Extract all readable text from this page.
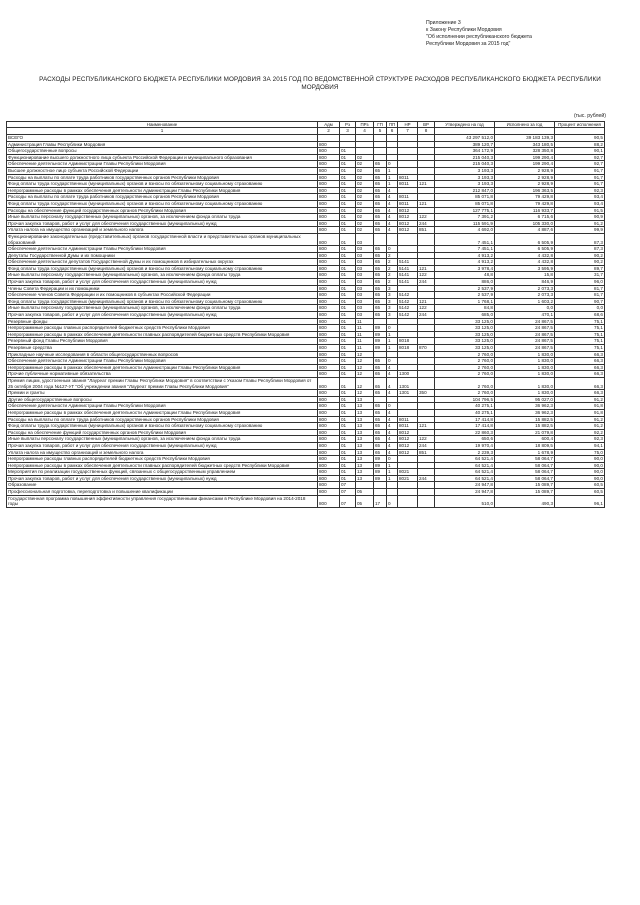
Приложение 3
к Закону Республики Мордовия
"Об исполнении республиканского бюджета
Республики Мордовия за 2015 год"
РАСХОДЫ РЕСПУБЛИКАНСКОГО БЮДЖЕТА РЕСПУБЛИКИ МОРДОВИЯ ЗА 2015 ГОД ПО ВЕДОМСТВЕННОЙ СТРУКТУРЕ РАСХОДОВ РЕСПУБЛИКАНСКОГО БЮДЖЕТА РЕСПУБЛИКИ МОРДОВИЯ
(тыс. рублей)
Наименование	Адм	Рз	ПРз	ГП	ПП	НР	ВР	Утверждено на год	Исполнено за год	Процент исполнения
1	2	3	4	5	6	7	8			
ВСЕГО								43 297 512,0	39 183 139,3	90,5
Администрация Главы Республики Мордовия	800							389 120,7	343 180,5	88,2
Общегосударственные вопросы	800	01						364 172,9	328 350,8	90,1
Функционирование высшего должностного лица субъекта Российской Федерации и муниципального образования	800	01	02					215 040,3	199 290,4	92,7
Обеспечение деятельности Администрации Главы Республики Мордовия	800	01	02	65	0			215 040,3	199 290,4	92,7
Высшее должностное лицо субъекта Российской Федерации	800	01	02	65	1			3 193,3	2 928,9	91,7
Расходы на выплаты по оплате труда работников государственных органов Республики Мордовия	800	01	02	65	1	8011		3 193,3	2 928,9	91,7
Фонд оплаты труда государственных (муниципальных) органов и взносы по обязательному социальному страхованию	800	01	02	65	1	8011	121	3 193,3	2 928,9	91,7
Непрограммные расходы в рамках обеспечения деятельности Администрации Главы Республики Мордовия	800	01	02	65	4			212 847,0	196 363,5	92,3
Расходы на выплаты по оплате труда работников государственных органов Республики Мордовия	800	01	02	65	4	8011		85 071,8	79 429,8	93,4
Фонд оплаты труда государственных (муниципальных) органов и взносы по обязательному социальному страхованию	800	01	02	65	4	8011	121	85 071,8	79 429,8	93,4
Расходы на обеспечение функций государственных органов Республики Мордовия	800	01	02	65	4	8012		127 775,1	116 933,7	91,5
Иные выплаты персоналу государственных (муниципальных) органов, за исключением фонда оплаты труда	800	01	02	65	4	8012	122	7 391,2	6 715,6	90,9
Прочая закупка товаров, работ и услуг для обеспечения государственных (муниципальных) нужд	800	01	02	65	4	8012	244	115 591,9	105 330,0	91,2
Уплата налога на имущество организаций и земельного налога	800	01	02	65	4	8012	851	4 692,0	4 887,6	99,9
Функционирование законодательных (представительных) органов государственной власти и представительных органов муниципальных образований	800	01	03					7 451,1	6 505,9	87,3
Обеспечение деятельности Администрации Главы Республики Мордовия	800	01	03	65	0			7 451,1	6 505,9	87,3
Депутаты Государственной Думы и их помощники	800	01	03	65	2			4 913,2	4 432,8	90,2
Обеспечение деятельности депутатов Государственной Думы и их помощников в избирательных округах	800	01	03	65	2	5141		4 913,2	4 432,8	90,2
Фонд оплаты труда государственных (муниципальных) органов и взносы по обязательному социальному страхованию	800	01	03	65	2	5141	121	3 978,4	3 595,9	89,7
Иные выплаты персоналу государственных (муниципальных) органов, за исключением фонда оплаты труда	800	01	03	65	2	5141	122	48,8	15,8	31,7
Прочая закупка товаров, работ и услуг для обеспечения государственных (муниципальных) нужд	800	01	03	65	2	5141	244	886,0	846,9	96,0
Члены Совета Федерации и их помощники	800	01	03	65	3			2 537,9	2 073,3	81,7
Обеспечение членов Совета Федерации и их помощников в субъектах Российской Федерации	800	01	03	65	3	5142		2 537,9	2 073,3	81,7
Фонд оплаты труда государственных (муниципальных) органов и взносы по обязательному социальному страхованию	800	01	03	65	3	5142	121	1 768,1	1 603,2	90,7
Иные выплаты персоналу государственных (муниципальных) органов, за исключением фонда оплаты труда	800	01	03	65	3	5142	122	84,8	0,0	0,0
Прочая закупка товаров, работ и услуг для обеспечения государственных (муниципальных) нужд	800	01	03	65	3	5142	244	685,0	470,1	68,6
Резервные фонды	800	01	11					33 125,0	24 867,5	75,1
Непрограммные расходы главных распорядителей бюджетных средств Республики Мордовия	800	01	11	89	0			33 125,0	24 867,5	75,1
Непрограммные расходы в рамках обеспечения деятельности главных распорядителей бюджетных средств Республики Мордовия	800	01	11	89	1			33 125,0	24 867,5	75,1
Резервный фонд Главы Республики Мордовия	800	01	11	89	1	8018		33 125,0	24 867,5	75,1
Резервные средства	800	01	11	89	1	8018	870	33 125,0	24 867,5	75,1
Прикладные научные исследования в области общегосударственных вопросов	800	01	12					2 760,0	1 830,0	66,3
Обеспечение деятельности Администрации Главы Республики Мордовия	800	01	12	65	0			2 760,0	1 830,0	66,3
Непрограммные расходы в рамках обеспечения деятельности Администрации Главы Республики Мордовия	800	01	12	65	4			2 760,0	1 830,0	66,3
Прочие публичные нормативные обязательства	800	01	12	65	4	1300		2 760,0	1 830,0	66,3
Премия лицам, удостоенным звания "Лауреат премии Главы Республики Мордовия" в соответствии с Указом Главы Республики Мордовия от 25 октября 2004 года №127-УГ "Об учреждении звания "Лауреат премии Главы Республики Мордовия"	800	01	12	65	4	1301		2 760,0	1 830,0	66,3
Премии и гранты	800	01	12	65	4	1301	350	2 760,0	1 830,0	66,3
Другие общегосударственные вопросы	800	01	13					104 796,5	95 027,0	91,2
Обеспечение деятельности Администрации Главы Республики Мордовия	800	01	13	65	0			40 275,1	36 962,3	91,8
Непрограммные расходы в рамках обеспечения деятельности Администрации Главы Республики Мордовия	800	01	13	65	4			40 275,1	36 962,3	91,8
Расходы на выплаты по оплате труда работников государственных органов Республики Мордовия	800	01	13	65	4	8011		17 414,8	15 882,5	91,2
Фонд оплаты труда государственных (муниципальных) органов и взносы по обязательному социальному страхованию	800	01	13	65	4	8011	121	17 414,8	15 882,5	91,2
Расходы на обеспечение функций государственных органов Республики Мордовия	800	01	13	65	4	8012		22 860,3	21 079,8	92,2
Иные выплаты персоналу государственных (муниципальных) органов, за исключением фонда оплаты труда	800	01	13	65	4	8012	122	650,6	600,4	92,3
Прочая закупка товаров, работ и услуг для обеспечения государственных (муниципальных) нужд	800	01	13	65	4	8012	244	19 970,4	18 809,5	94,1
Уплата налога на имущество организаций и земельного налога	800	01	13	65	4	8012	851	2 239,3	1 678,9	75,0
Непрограммные расходы главных распорядителей бюджетных средств Республики Мордовия	800	01	13	89	0			64 521,4	58 064,7	90,0
Непрограммные расходы в рамках обеспечения деятельности главных распорядителей бюджетных средств Республики Мордовия	800	01	13	89	1			64 521,4	58 064,7	90,0
Мероприятия по реализации государственных функций, связанных с общегосударственным управлением	800	01	13	89	1	8021		64 521,4	58 064,7	90,0
Прочая закупка товаров, работ и услуг для обеспечения государственных (муниципальных) нужд	800	01	13	89	1	8021	244	64 521,4	58 064,7	90,0
Образование	800	07						24 947,8	15 089,7	60,5
Профессиональная подготовка, переподготовка и повышение квалификации	800	07	05					24 947,8	15 089,7	60,5
Государственная программа повышения эффективности управления государственными финансами в Республике Мордовия на 2014-2018 годы	800	07	05	17	0			510,0	490,3	96,1
